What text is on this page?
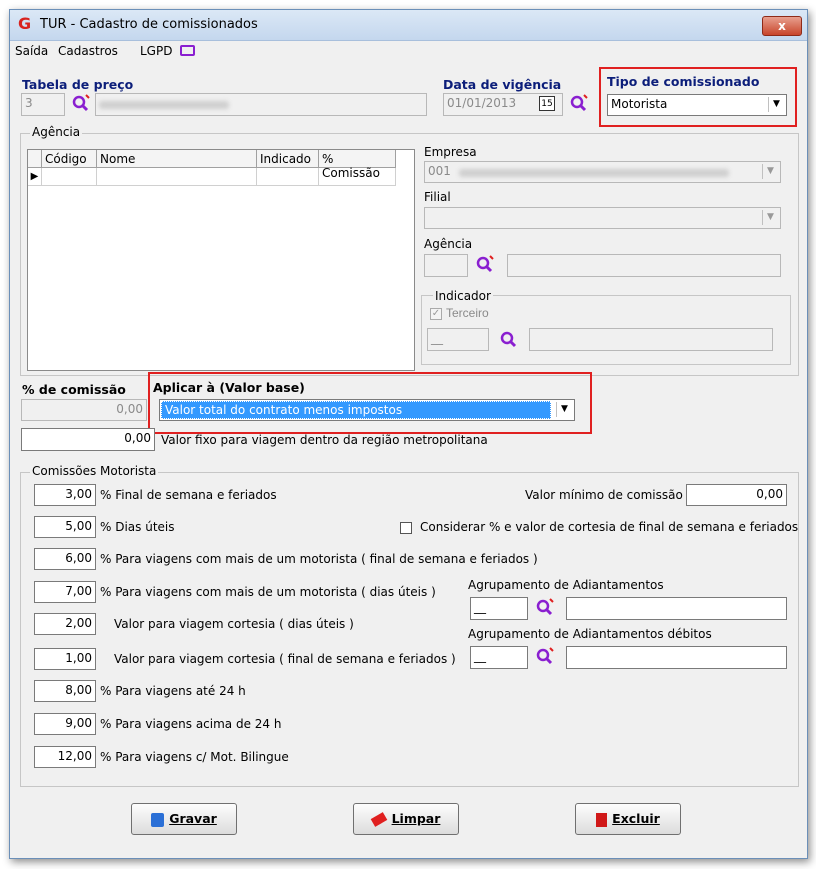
G TUR - Cadastro de comissionados	x
Saída Cadastros LGPD
Tabela de preço
3
Data de vigência
01/01/2013	15
Tipo de comissionado
Motorista	▼
Agência
Código	Nome	Indicado % Comissão
▶
Empresa
001	▼
Filial
▼
Agência
Indicador
✓ Terceiro
__
% de comissão
0,00
Aplicar à (Valor base)
Valor total do contrato menos impostos	▼
0,00 Valor fixo para viagem dentro da região metropolitana
Comissões Motorista
3,00 % Final de semana e feriados
5,00 % Dias úteis
6,00 % Para viagens com mais de um motorista ( final de semana e feriados )
7,00 % Para viagens com mais de um motorista ( dias úteis )
2,00	Valor para viagem cortesia ( dias úteis )
1,00	Valor para viagem cortesia ( final de semana e feriados )
8,00 % Para viagens até 24 h
9,00 % Para viagens acima de 24 h
12,00 % Para viagens c/ Mot. Bilingue
Valor mínimo de comissão	0,00
Considerar % e valor de cortesia de final de semana e feriados
Agrupamento de Adiantamentos
__
Agrupamento de Adiantamentos débitos
__
Gravar	Limpar	Excluir
